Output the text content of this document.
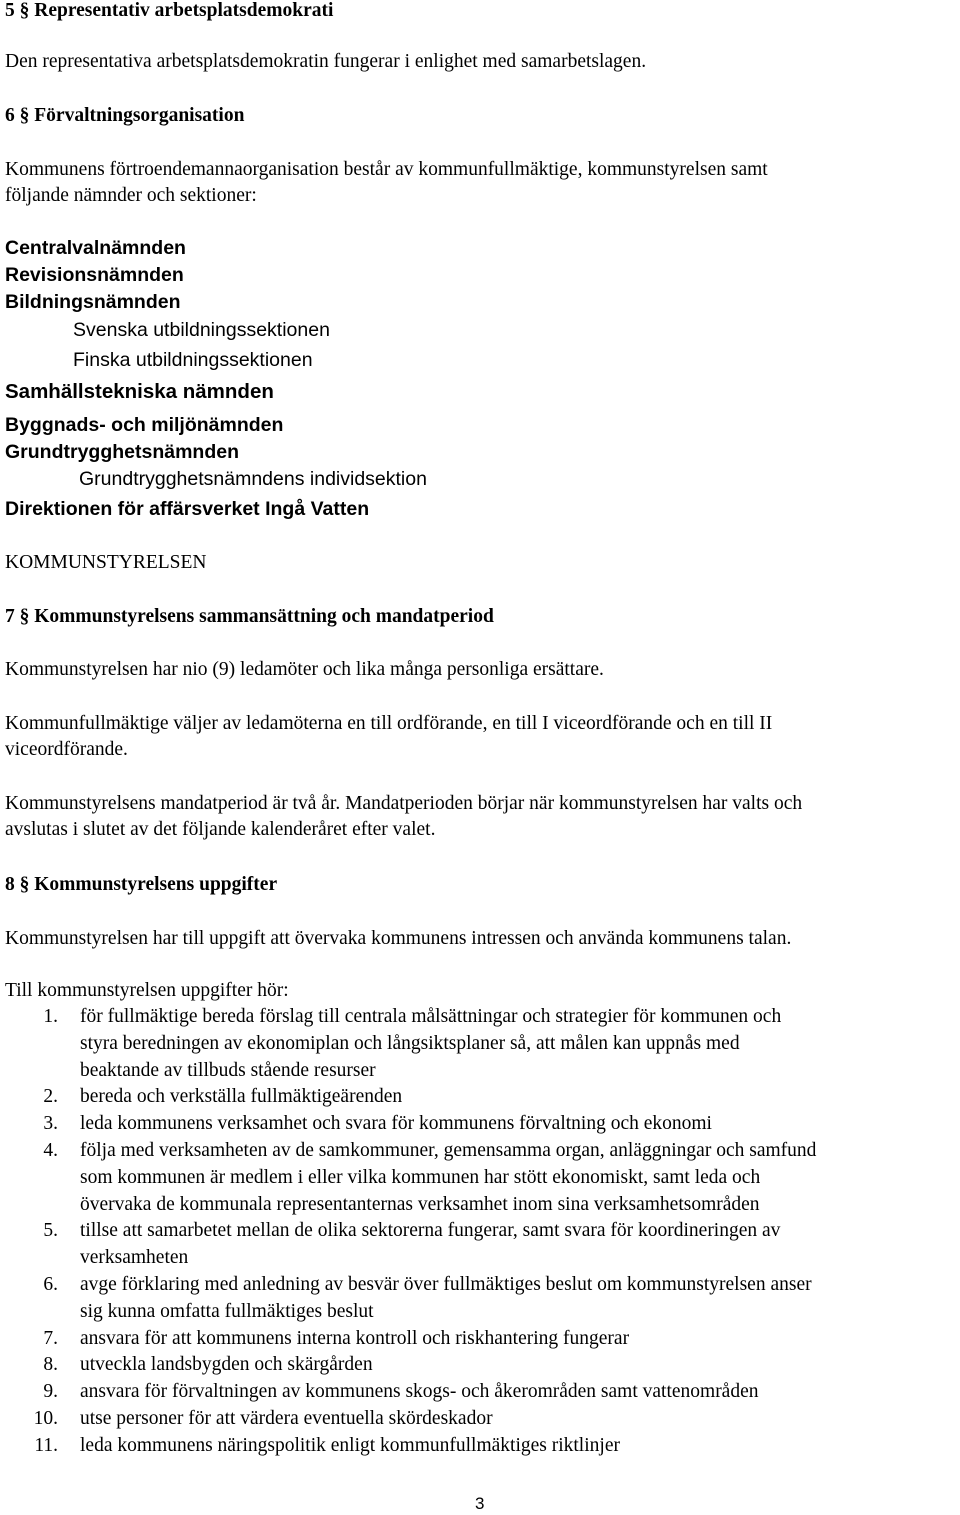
5 § Representativ arbetsplatsdemokrati
Den representativa arbetsplatsdemokratin fungerar i enlighet med samarbetslagen.
6 § Förvaltningsorganisation
Kommunens förtroendemannaorganisation består av kommunfullmäktige, kommunstyrelsen samt
följande nämnder och sektioner:
Centralvalnämnden
Revisionsnämnden
Bildningsnämnden
Svenska utbildningssektionen
Finska utbildningssektionen
Samhällstekniska nämnden
Byggnads- och miljönämnden
Grundtrygghetsnämnden
Grundtrygghetsnämndens individsektion
Direktionen för affärsverket Ingå Vatten
KOMMUNSTYRELSEN
7 § Kommunstyrelsens sammansättning och mandatperiod
Kommunstyrelsen har nio (9) ledamöter och lika många personliga ersättare.
Kommunfullmäktige väljer av ledamöterna en till ordförande, en till I viceordförande och en till II
viceordförande.
Kommunstyrelsens mandatperiod är två år. Mandatperioden börjar när kommunstyrelsen har valts och
avslutas i slutet av det följande kalenderåret efter valet.
8 § Kommunstyrelsens uppgifter
Kommunstyrelsen har till uppgift att övervaka kommunens intressen och använda kommunens talan.
Till kommunstyrelsen uppgifter hör:
1. för fullmäktige bereda förslag till centrala målsättningar och strategier för kommunen och
styra beredningen av ekonomiplan och långsiktsplaner så, att målen kan uppnås med
beaktande av tillbuds stående resurser
2. bereda och verkställa fullmäktigeärenden
3. leda kommunens verksamhet och svara för kommunens förvaltning och ekonomi
4. följa med verksamheten av de samkommuner, gemensamma organ, anläggningar och samfund
som kommunen är medlem i eller vilka kommunen har stött ekonomiskt, samt leda och
övervaka de kommunala representanternas verksamhet inom sina verksamhetsområden
5. tillse att samarbetet mellan de olika sektorerna fungerar, samt svara för koordineringen av
verksamheten
6. avge förklaring med anledning av besvär över fullmäktiges beslut om kommunstyrelsen anser
sig kunna omfatta fullmäktiges beslut
7. ansvara för att kommunens interna kontroll och riskhantering fungerar
8. utveckla landsbygden och skärgården
9. ansvara för förvaltningen av kommunens skogs- och åkerområden samt vattenområden
10. utse personer för att värdera eventuella skördeskador
11. leda kommunens näringspolitik enligt kommunfullmäktiges riktlinjer
3
